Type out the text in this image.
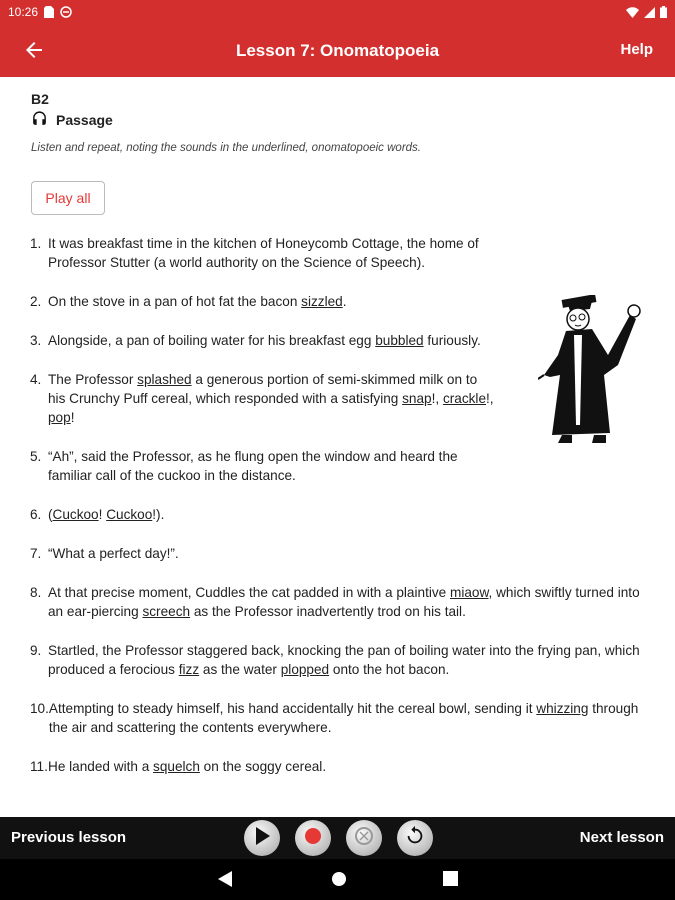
10:26
Lesson 7: Onomatopoeia	Help
B2
Passage
Listen and repeat, noting the sounds in the underlined, onomatopoeic words.
Play all
1. It was breakfast time in the kitchen of Honeycomb Cottage, the home of Professor Stutter (a world authority on the Science of Speech).
2. On the stove in a pan of hot fat the bacon sizzled.
3. Alongside, a pan of boiling water for his breakfast egg bubbled furiously.
4. The Professor splashed a generous portion of semi-skimmed milk on to his Crunchy Puff cereal, which responded with a satisfying snap!, crackle!, pop!
5. “Ah”, said the Professor, as he flung open the window and heard the familiar call of the cuckoo in the distance.
6. (Cuckoo! Cuckoo!).
7. “What a perfect day!”.
8. At that precise moment, Cuddles the cat padded in with a plaintive miaow, which swiftly turned into an ear-piercing screech as the Professor inadvertently trod on his tail.
9. Startled, the Professor staggered back, knocking the pan of boiling water into the frying pan, which produced a ferocious fizz as the water plopped onto the hot bacon.
10. Attempting to steady himself, his hand accidentally hit the cereal bowl, sending it whizzing through the air and scattering the contents everywhere.
11. He landed with a squelch on the soggy cereal.
Previous lesson	Next lesson
